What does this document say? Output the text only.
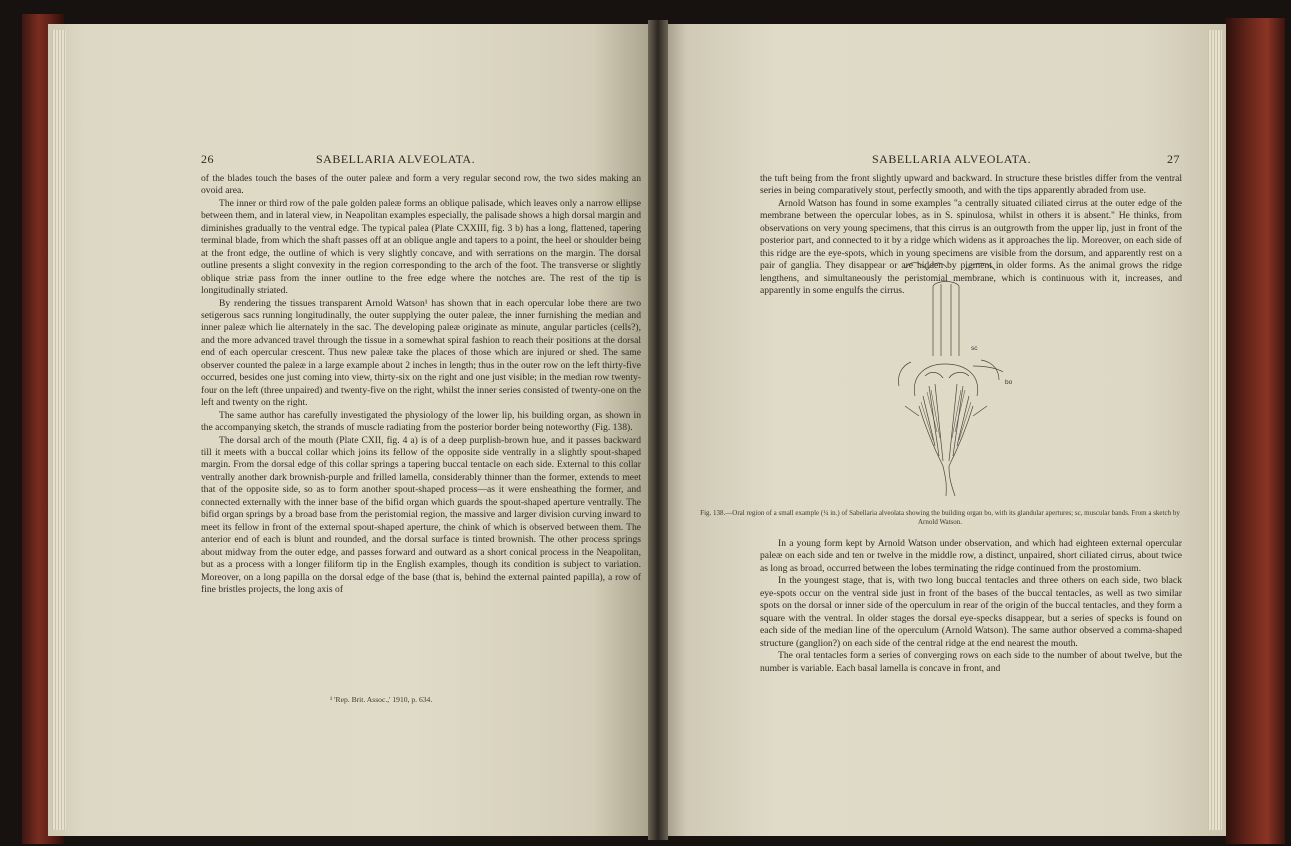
26	SABELLARIA ALVEOLATA.

of the blades touch the bases of the outer paleæ and form a very regular second row, the two sides making an ovoid area.

The inner or third row of the pale golden paleæ forms an oblique palisade, which leaves only a narrow ellipse between them, and in lateral view, in Neapolitan examples especially, the palisade shows a high dorsal margin and diminishes gradually to the ventral edge. The typical palea (Plate CXXIII, fig. 3 b) has a long, flattened, tapering terminal blade, from which the shaft passes off at an oblique angle and tapers to a point, the heel or shoulder being at the front edge, the outline of which is very slightly concave, and with serrations on the margin. The dorsal outline presents a slight convexity in the region corresponding to the arch of the foot. The transverse or slightly oblique striæ pass from the inner outline to the free edge where the notches are. The rest of the tip is longitudinally striated.

By rendering the tissues transparent Arnold Watson¹ has shown that in each opercular lobe there are two setigerous sacs running longitudinally, the outer supplying the outer paleæ, the inner furnishing the median and inner paleæ which lie alternately in the sac. The developing paleæ originate as minute, angular particles (cells?), and the more advanced travel through the tissue in a somewhat spiral fashion to reach their positions at the dorsal end of each opercular crescent. Thus new paleæ take the places of those which are injured or shed. The same observer counted the paleæ in a large example about 2 inches in length; thus in the outer row on the left thirty-five occurred, besides one just coming into view, thirty-six on the right and one just visible; in the median row twenty-four on the left (three unpaired) and twenty-five on the right, whilst the inner series consisted of twenty-one on the left and twenty on the right.

The same author has carefully investigated the physiology of the lower lip, his building organ, as shown in the accompanying sketch, the strands of muscle radiating from the posterior border being noteworthy (Fig. 138).

The dorsal arch of the mouth (Plate CXII, fig. 4 a) is of a deep purplish-brown hue, and it passes backward till it meets with a buccal collar which joins its fellow of the opposite side ventrally in a slightly spout-shaped margin. From the dorsal edge of this collar springs a tapering buccal tentacle on each side. External to this collar ventrally another dark brownish-purple and frilled lamella, considerably thinner than the former, extends to meet that of the opposite side, so as to form another spout-shaped process—as it were ensheathing the former, and connected externally with the inner base of the bifid organ which guards the spout-shaped aperture ventrally. The bifid organ springs by a broad base from the peristomial region, the massive and larger division curving inward to meet its fellow in front of the external spout-shaped aperture, the chink of which is observed between them. The anterior end of each is blunt and rounded, and the dorsal surface is tinted brownish. The other process springs about midway from the outer edge, and passes forward and outward as a short conical process in the Neapolitan, but as a process with a longer filiform tip in the English examples, though its condition is subject to variation. Moreover, on a long papilla on the dorsal edge of the base (that is, behind the external painted papilla), a row of fine bristles projects, the long axis of

¹ 'Rep. Brit. Assoc.,' 1910, p. 634.
SABELLARIA ALVEOLATA.	27

the tuft being from the front slightly upward and backward. In structure these bristles differ from the ventral series in being comparatively stout, perfectly smooth, and with the tips apparently abraded from use.

Arnold Watson has found in some examples "a centrally situated ciliated cirrus at the outer edge of the membrane between the opercular lobes, as in S. spinulosa, whilst in others it is absent." He thinks, from observations on very young specimens, that this cirrus is an outgrowth from the upper lip, just in front of the posterior part, and connected to it by a ridge which widens as it approaches the lip. Moreover, on each side of this ridge are the eye-spots, which in young specimens are visible from the dorsum, and apparently rest on a pair of ganglia. They disappear or are hidden by pigment in older forms. As the animal grows the ridge lengthens, and simultaneously the peristomial membrane, which is continuous with it, increases, and apparently in some engulfs the cirrus.

sc
bo
Fig. 138.—Oral region of a small example (¼ in.) of Sabellaria alveolata showing the building organ bo, with its glandular apertures; sc, muscular bands. From a sketch by Arnold Watson.

In a young form kept by Arnold Watson under observation, and which had eighteen external opercular paleæ on each side and ten or twelve in the middle row, a distinct, unpaired, short ciliated cirrus, about twice as long as broad, occurred between the lobes terminating the ridge continued from the prostomium.

In the youngest stage, that is, with two long buccal tentacles and three others on each side, two black eye-spots occur on the ventral side just in front of the bases of the buccal tentacles, as well as two similar spots on the dorsal or inner side of the operculum in rear of the origin of the buccal tentacles, and they form a square with the ventral. In older stages the dorsal eye-specks disappear, but a series of specks is found on each side of the median line of the operculum (Arnold Watson). The same author observed a comma-shaped structure (ganglion?) on each side of the central ridge at the end nearest the mouth.

The oral tentacles form a series of converging rows on each side to the number of about twelve, but the number is variable. Each basal lamella is concave in front, and
